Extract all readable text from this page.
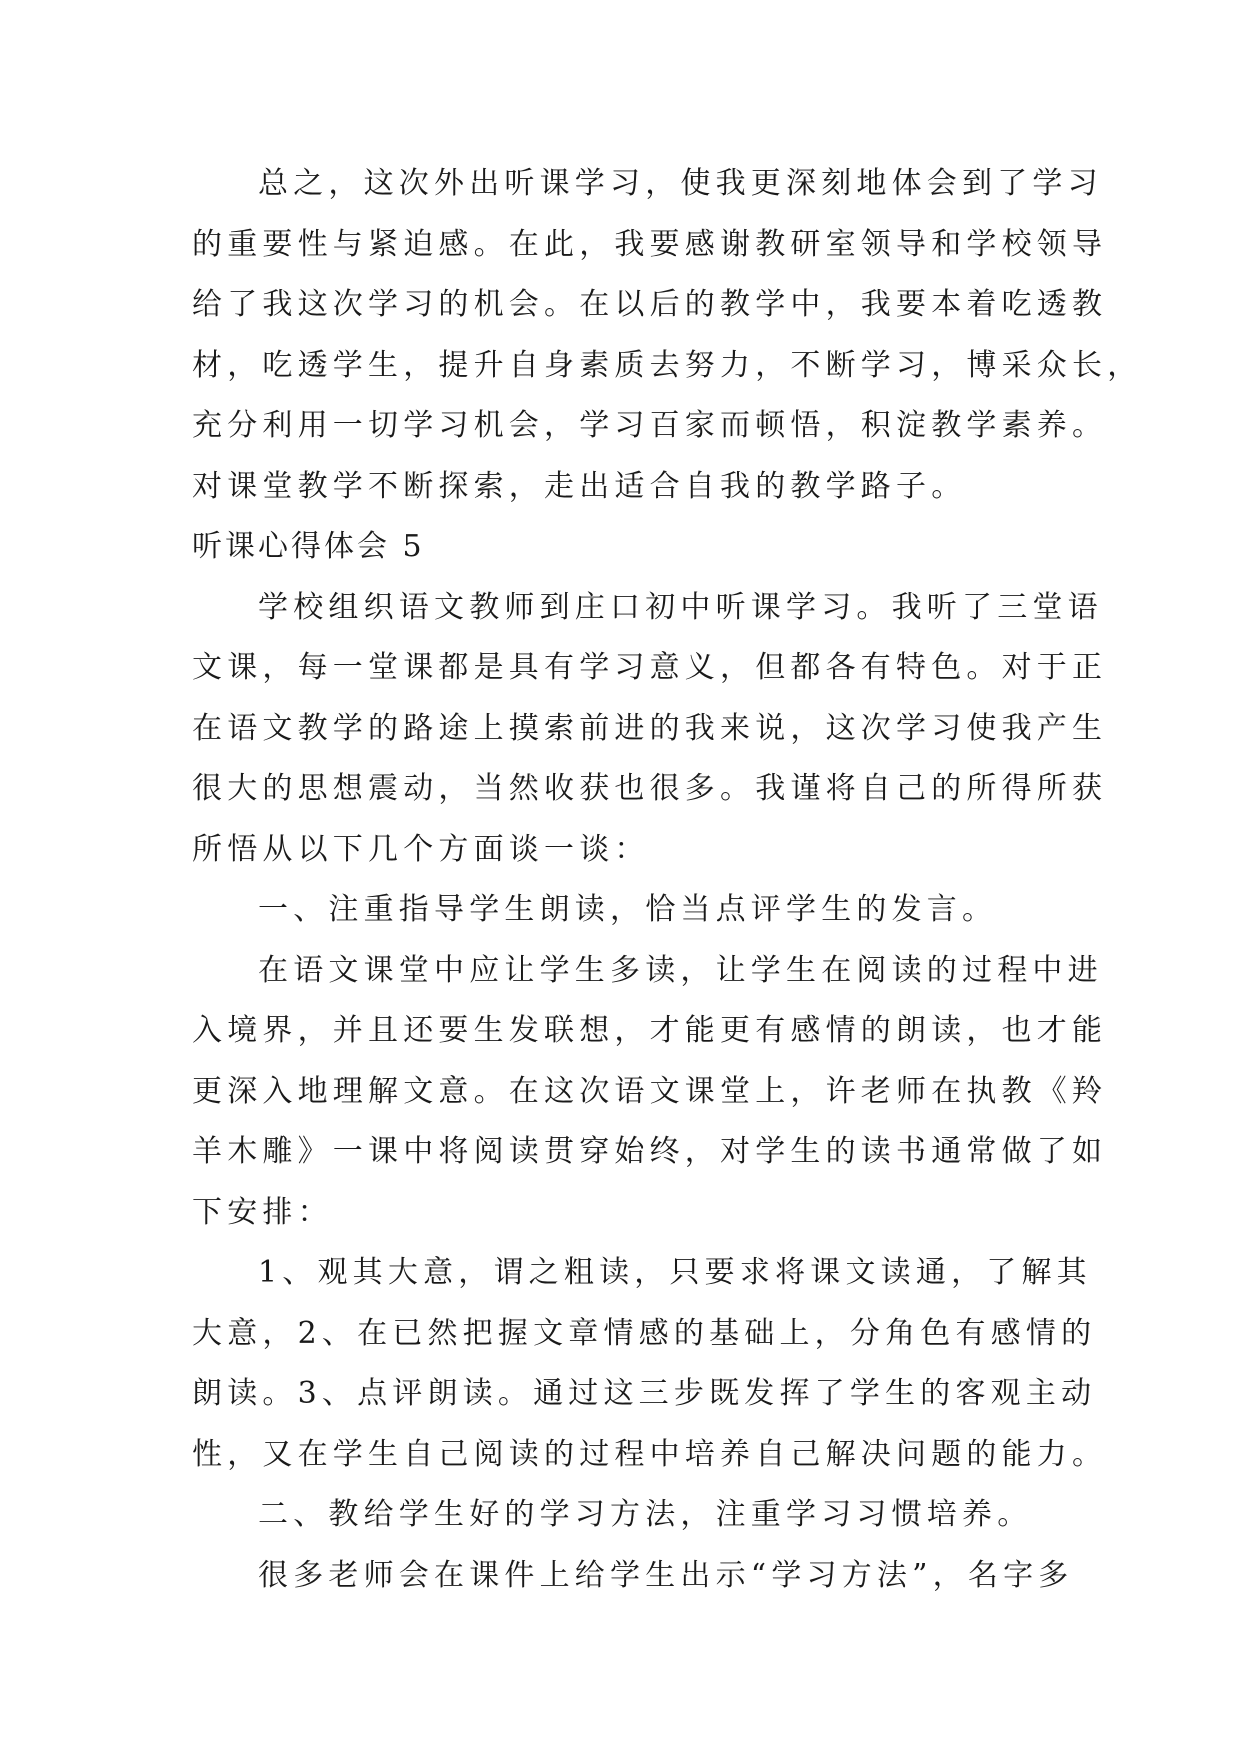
总之，这次外出听课学习，使我更深刻地体会到了学习

的重要性与紧迫感。在此，我要感谢教研室领导和学校领导

给了我这次学习的机会。在以后的教学中，我要本着吃透教

材，吃透学生，提升自身素质去努力，不断学习，博采众长，

充分利用一切学习机会，学习百家而顿悟，积淀教学素养。

对课堂教学不断探索，走出适合自我的教学路子。

听课心得体会 5

学校组织语文教师到庄口初中听课学习。我听了三堂语

文课，每一堂课都是具有学习意义，但都各有特色。对于正

在语文教学的路途上摸索前进的我来说，这次学习使我产生

很大的思想震动，当然收获也很多。我谨将自己的所得所获

所悟从以下几个方面谈一谈：

一、注重指导学生朗读，恰当点评学生的发言。

在语文课堂中应让学生多读，让学生在阅读的过程中进

入境界，并且还要生发联想，才能更有感情的朗读，也才能

更深入地理解文意。在这次语文课堂上，许老师在执教《羚

羊木雕》一课中将阅读贯穿始终，对学生的读书通常做了如

下安排：

1、观其大意，谓之粗读，只要求将课文读通，了解其

大意，2、在已然把握文章情感的基础上，分角色有感情的

朗读。3、点评朗读。通过这三步既发挥了学生的客观主动

性，又在学生自己阅读的过程中培养自己解决问题的能力。

二、教给学生好的学习方法，注重学习习惯培养。

很多老师会在课件上给学生出示“学习方法”，名字多
